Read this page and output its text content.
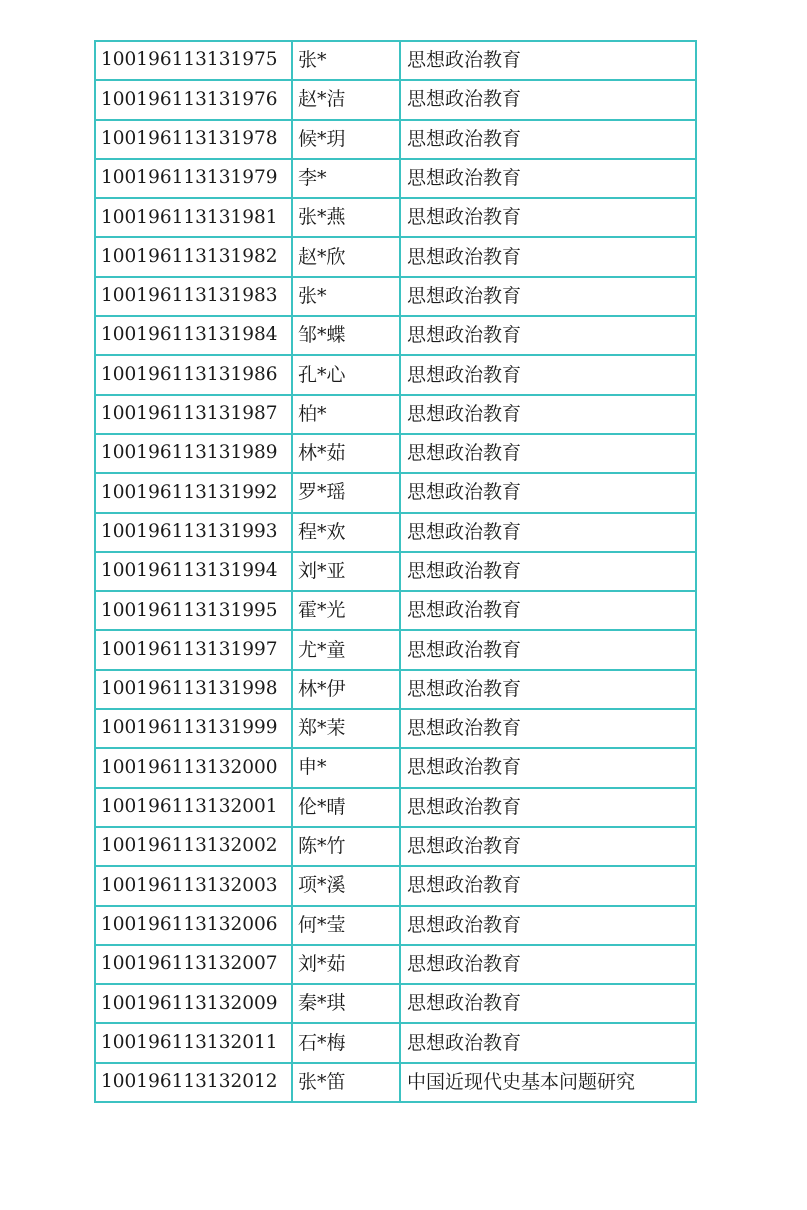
100196113131975	张*	思想政治教育
100196113131976	赵*洁	思想政治教育
100196113131978	候*玥	思想政治教育
100196113131979	李*	思想政治教育
100196113131981	张*燕	思想政治教育
100196113131982	赵*欣	思想政治教育
100196113131983	张*	思想政治教育
100196113131984	邹*蝶	思想政治教育
100196113131986	孔*心	思想政治教育
100196113131987	柏*	思想政治教育
100196113131989	林*茹	思想政治教育
100196113131992	罗*瑶	思想政治教育
100196113131993	程*欢	思想政治教育
100196113131994	刘*亚	思想政治教育
100196113131995	霍*光	思想政治教育
100196113131997	尤*童	思想政治教育
100196113131998	林*伊	思想政治教育
100196113131999	郑*茉	思想政治教育
100196113132000	申*	思想政治教育
100196113132001	伦*晴	思想政治教育
100196113132002	陈*竹	思想政治教育
100196113132003	项*溪	思想政治教育
100196113132006	何*莹	思想政治教育
100196113132007	刘*茹	思想政治教育
100196113132009	秦*琪	思想政治教育
100196113132011	石*梅	思想政治教育
100196113132012	张*笛	中国近现代史基本问题研究
